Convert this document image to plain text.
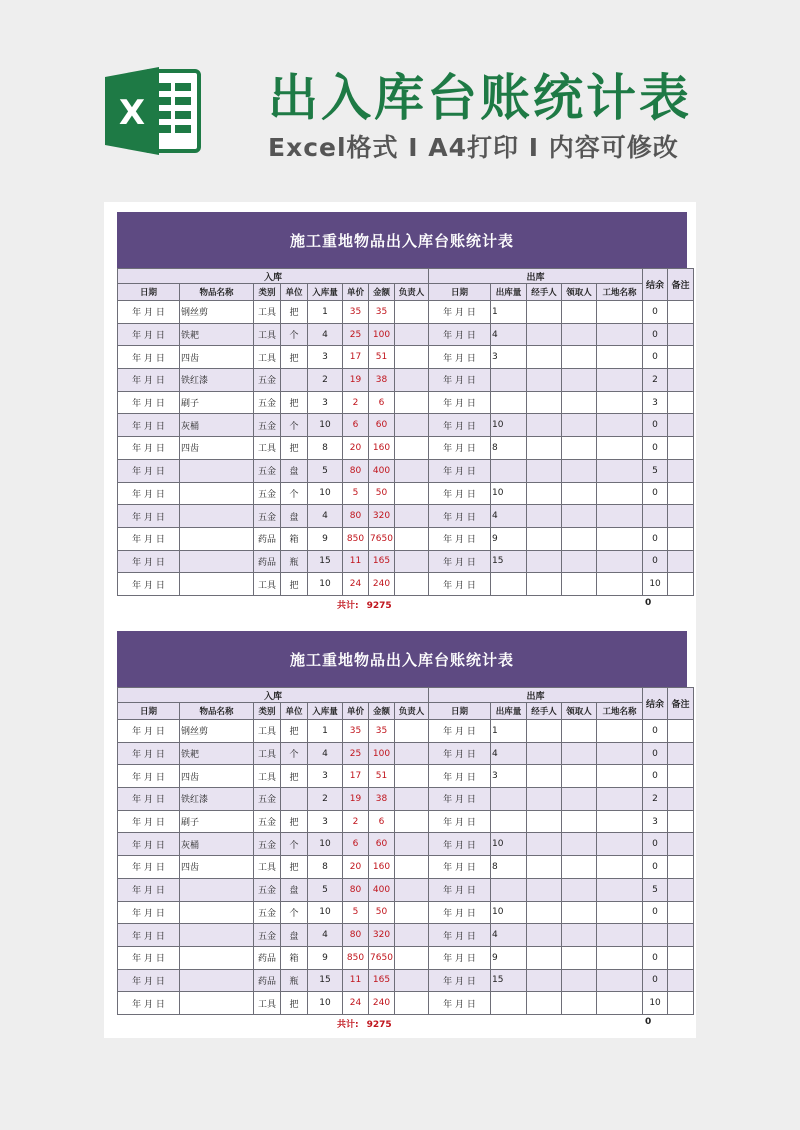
X 出入库台账统计表
Excel格式 I A4打印 I 内容可修改
施工重地物品出入库台账统计表
入库								出库					结余	备注
日期	物品名称	类别	单位	入库量	单价	金额	负责人	日期	出库量	经手人	领取人	工地名称		
年 月 日	钢丝剪	工具	把	1	35	35		年 月 日	1				0	
年 月 日	铁耙	工具	个	4	25	100		年 月 日	4				0	
年 月 日	四齿	工具	把	3	17	51		年 月 日	3				0	
年 月 日	铁红漆	五金		2	19	38		年 月 日					2	
年 月 日	刷子	五金	把	3	2	6		年 月 日					3	
年 月 日	灰桶	五金	个	10	6	60		年 月 日	10				0	
年 月 日	四齿	工具	把	8	20	160		年 月 日	8				0	
年 月 日		五金	盘	5	80	400		年 月 日					5	
年 月 日		五金	个	10	5	50		年 月 日	10				0	
年 月 日		五金	盘	4	80	320		年 月 日	4					
年 月 日		药品	箱	9	850	7650		年 月 日	9				0	
年 月 日		药品	瓶	15	11	165		年 月 日	15				0	
年 月 日		工具	把	10	24	240		年 月 日					10	
共计: 9275	0
施工重地物品出入库台账统计表
入库								出库					结余	备注
日期	物品名称	类别	单位	入库量	单价	金额	负责人	日期	出库量	经手人	领取人	工地名称		
年 月 日	钢丝剪	工具	把	1	35	35		年 月 日	1				0	
年 月 日	铁耙	工具	个	4	25	100		年 月 日	4				0	
年 月 日	四齿	工具	把	3	17	51		年 月 日	3				0	
年 月 日	铁红漆	五金		2	19	38		年 月 日					2	
年 月 日	刷子	五金	把	3	2	6		年 月 日					3	
年 月 日	灰桶	五金	个	10	6	60		年 月 日	10				0	
年 月 日	四齿	工具	把	8	20	160		年 月 日	8				0	
年 月 日		五金	盘	5	80	400		年 月 日					5	
年 月 日		五金	个	10	5	50		年 月 日	10				0	
年 月 日		五金	盘	4	80	320		年 月 日	4					
年 月 日		药品	箱	9	850	7650		年 月 日	9				0	
年 月 日		药品	瓶	15	11	165		年 月 日	15				0	
年 月 日		工具	把	10	24	240		年 月 日					10	
共计: 9275	0
